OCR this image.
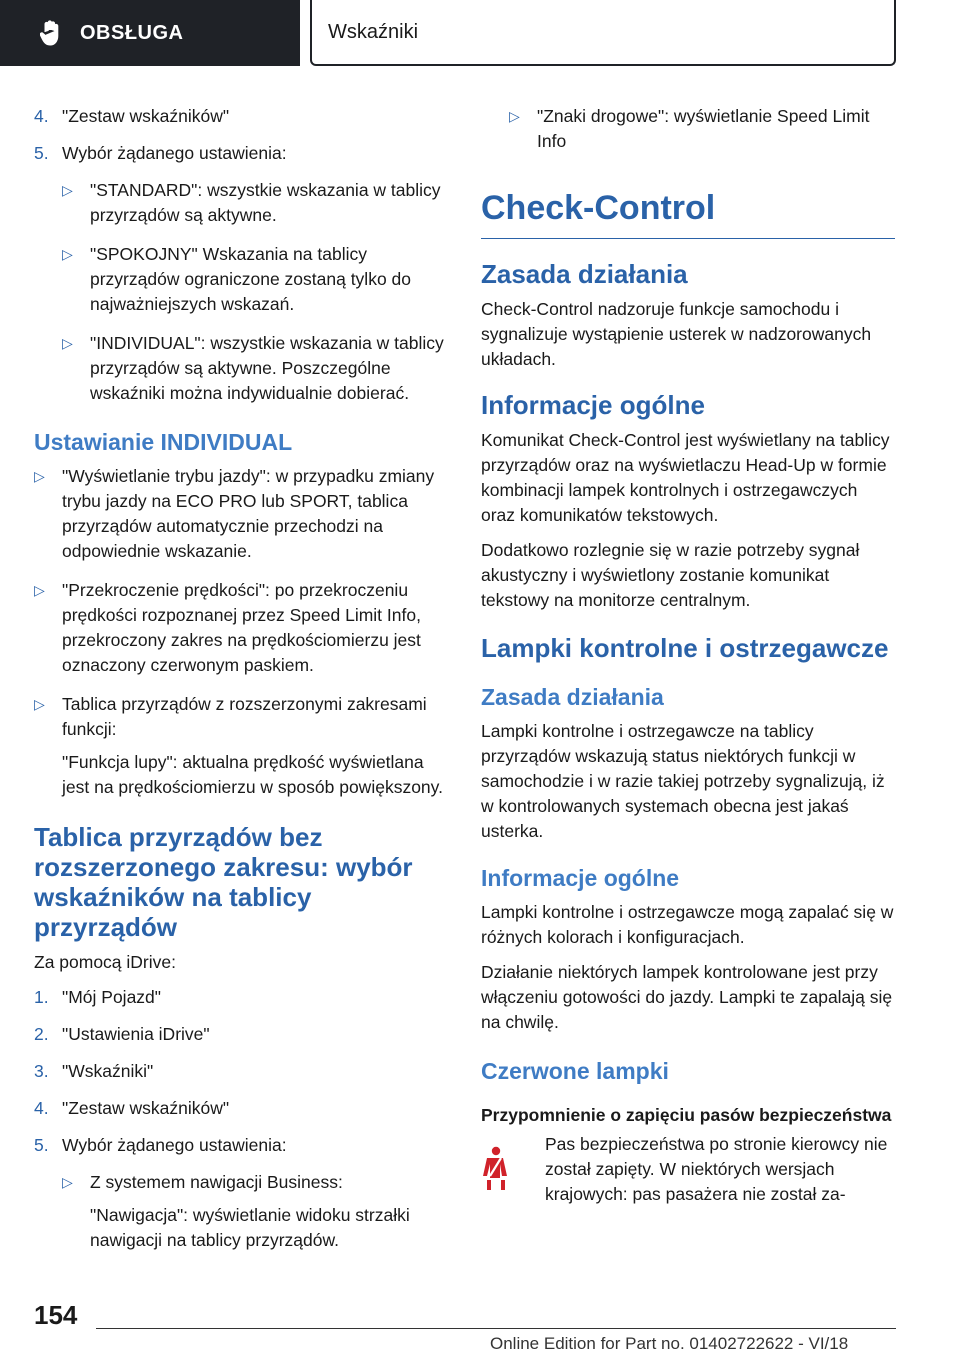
OBSŁUGA	Wskaźniki
4. "Zestaw wskaźników"
5. Wybór żądanego ustawienia:
▷ "STANDARD": wszystkie wskazania w tablicy przyrządów są aktywne.
▷ "SPOKOJNY" Wskazania na tablicy przyrządów ograniczone zostaną tylko do najważniejszych wskazań.
▷ "INDIVIDUAL": wszystkie wskazania w tablicy przyrządów są aktywne. Poszczególne wskaźniki można indywidualnie dobierać.
Ustawianie INDIVIDUAL
▷ "Wyświetlanie trybu jazdy": w przypadku zmiany trybu jazdy na ECO PRO lub SPORT, tablica przyrządów automatycznie przechodzi na odpowiednie wskazanie.
▷ "Przekroczenie prędkości": po przekroczeniu prędkości rozpoznanej przez Speed Limit Info, przekroczony zakres na prędkościomierzu jest oznaczony czerwonym paskiem.
▷ Tablica przyrządów z rozszerzonymi zakresami funkcji:
"Funkcja lupy": aktualna prędkość wyświetlana jest na prędkościomierzu w sposób powiększony.
Tablica przyrządów bez rozszerzonego zakresu: wybór wskaźników na tablicy przyrządów

Za pomocą iDrive:

1. "Mój Pojazd"
2. "Ustawienia iDrive"
3. "Wskaźniki"
4. "Zestaw wskaźników"
5. Wybór żądanego ustawienia:
▷ Z systemem nawigacji Business:
"Nawigacja": wyświetlanie widoku strzałki nawigacji na tablicy przyrządów.
▷ "Znaki drogowe": wyświetlanie Speed Limit Info
Check-Control
Zasada działania

Check-Control nadzoruje funkcje samochodu i sygnalizuje wystąpienie usterek w nadzorowanych układach.

Informacje ogólne

Komunikat Check-Control jest wyświetlany na tablicy przyrządów oraz na wyświetlaczu Head-Up w formie kombinacji lampek kontrolnych i ostrzegawczych oraz komunikatów tekstowych.

Dodatkowo rozlegnie się w razie potrzeby sygnał akustyczny i wyświetlony zostanie komunikat tekstowy na monitorze centralnym.

Lampki kontrolne i ostrzegawcze
Zasada działania

Lampki kontrolne i ostrzegawcze na tablicy przyrządów wskazują status niektórych funkcji w samochodzie i w razie takiej potrzeby sygnalizują, iż w kontrolowanych systemach obecna jest jakaś usterka.

Informacje ogólne

Lampki kontrolne i ostrzegawcze mogą zapalać się w różnych kolorach i konfiguracjach.

Działanie niektórych lampek kontrolowane jest przy włączeniu gotowości do jazdy. Lampki te zapalają się na chwilę.

Czerwone lampki
Przypomnienie o zapięciu pasów bezpieczeństwa

Pas bezpieczeństwa po stronie kierowcy nie został zapięty. W niektórych wersjach krajowych: pas pasażera nie został za-

154
Online Edition for Part no. 01402722622 - VI/18
